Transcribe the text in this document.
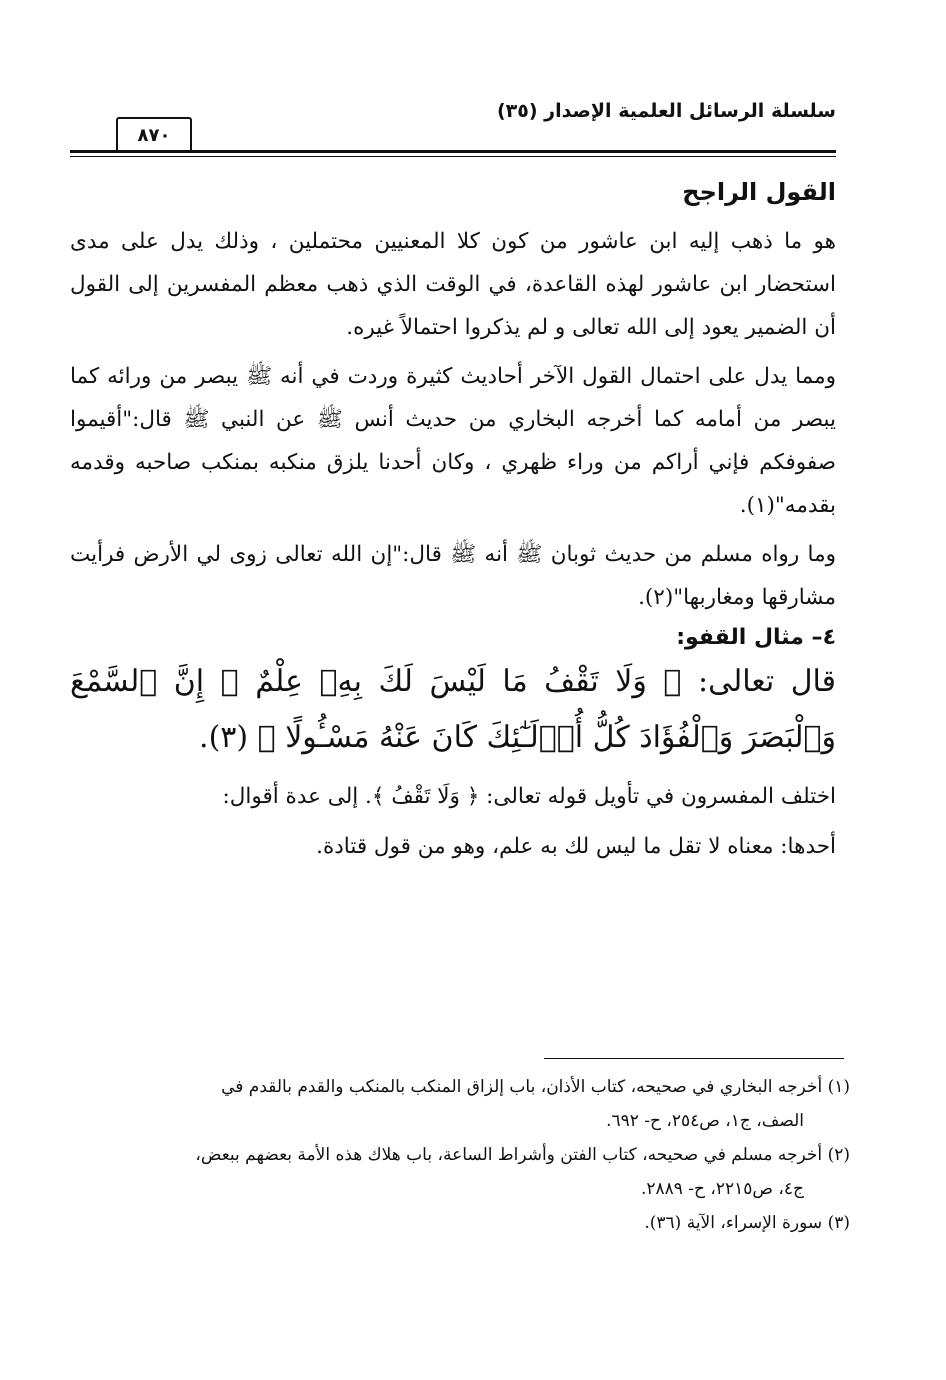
سلسلة الرسائل العلمية الإصدار (٣٥)
٨٧٠
القول الراجح

هو ما ذهب إليه ابن عاشور من كون كلا المعنيين محتملين ، وذلك يدل على مدى استحضار ابن عاشور لهذه القاعدة، في الوقت الذي ذهب معظم المفسرين إلى القول أن الضمير يعود إلى الله تعالى و لم يذكروا احتمالاً غيره.

ومما يدل على احتمال القول الآخر أحاديث كثيرة وردت في أنه ﷺ يبصر من ورائه كما يبصر من أمامه كما أخرجه البخاري من حديث أنس ﷺ عن النبي ﷺ قال:"أقيموا صفوفكم فإني أراكم من وراء ظهري ، وكان أحدنا يلزق منكبه بمنكب صاحبه وقدمه بقدمه"(١).

وما رواه مسلم من حديث ثوبان ﷺ أنه ﷺ قال:"إن الله تعالى زوى لي الأرض فرأيت مشارقها ومغاربها"(٢).

٤– مثال القفو:

قال تعالى: ﴿ وَلَا تَقْفُ مَا لَيْسَ لَكَ بِهِۦ عِلْمٌ ۚ إِنَّ ٱلسَّمْعَ وَٱلْبَصَرَ وَٱلْفُؤَادَ كُلُّ أُو۟لَـٰٓئِكَ كَانَ عَنْهُ مَسْـُٔولًا ﴾ (٣).

اختلف المفسرون في تأويل قوله تعالى: ﴿ وَلَا تَقْفُ ﴾. إلى عدة أقوال:

أحدها: معناه لا تقل ما ليس لك به علم، وهو من قول قتادة.

(١) أخرجه البخاري في صحيحه، كتاب الأذان، باب إلزاق المنكب بالمنكب والقدم بالقدم في
الصف، ج١، ص٢٥٤، ح- ٦٩٢.

(٢) أخرجه مسلم في صحيحه، كتاب الفتن وأشراط الساعة، باب هلاك هذه الأمة بعضهم ببعض،
ج٤، ص٢٢١٥، ح- ٢٨٨٩.

(٣) سورة الإسراء، الآية (٣٦).
